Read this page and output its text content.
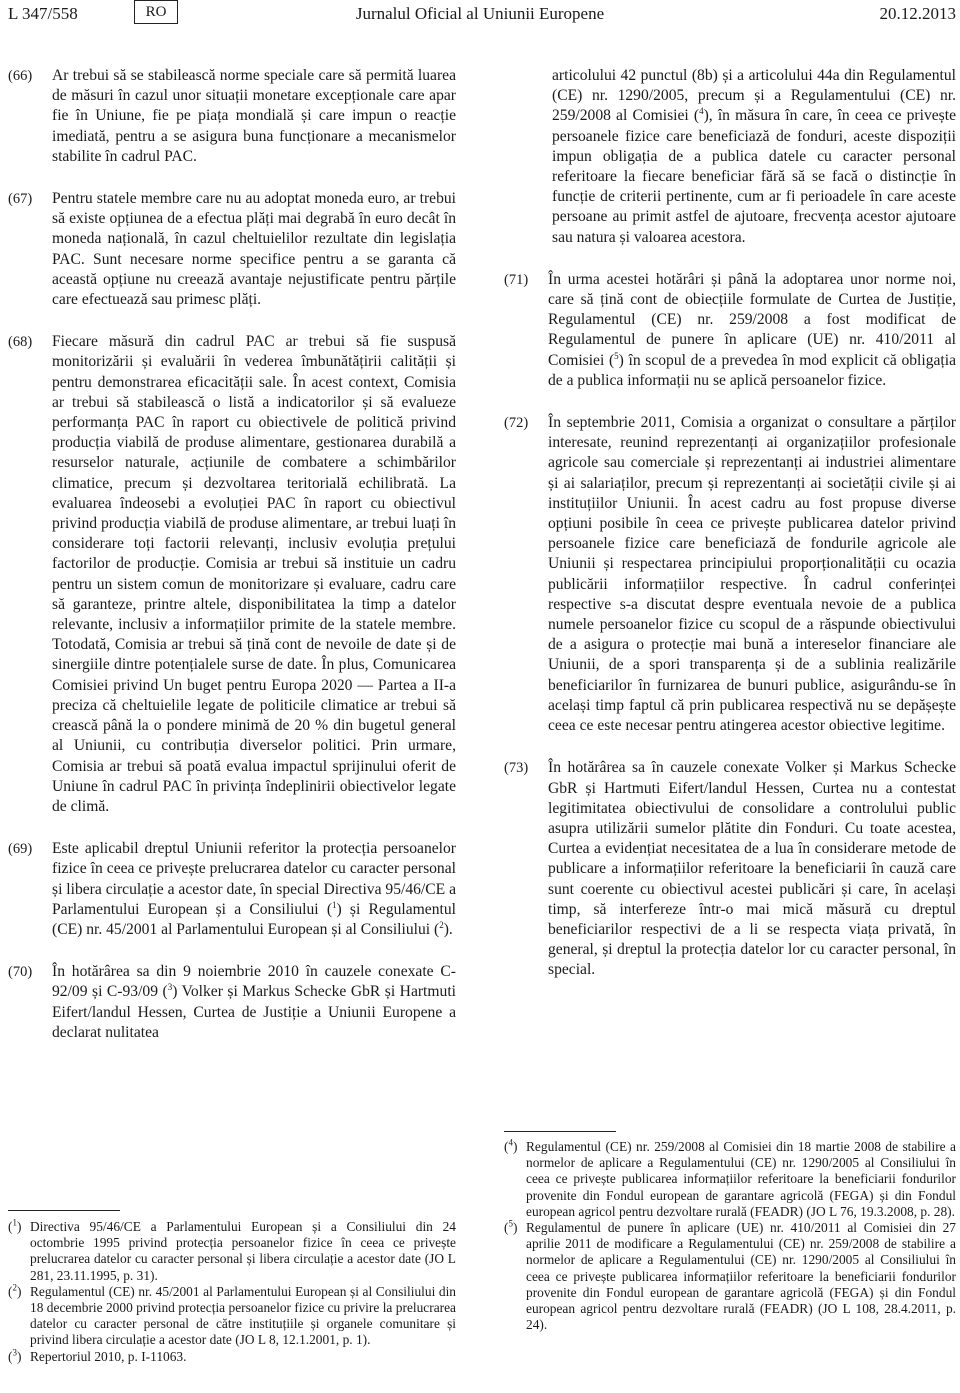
L 347/558	RO	Jurnalul Oficial al Uniunii Europene	20.12.2013
(66)	Ar trebui să se stabilească norme speciale care să permită luarea de măsuri în cazul unor situații monetare excepționale care apar fie în Uniune, fie pe piața mondială și care impun o reacție imediată, pentru a se asigura buna funcționare a mecanismelor stabilite în cadrul PAC.
(67)	Pentru statele membre care nu au adoptat moneda euro, ar trebui să existe opțiunea de a efectua plăți mai degrabă în euro decât în moneda națională, în cazul cheltuielilor rezultate din legislația PAC. Sunt necesare norme specifice pentru a se garanta că această opțiune nu creează avantaje nejustificate pentru părțile care efectuează sau primesc plăți.
(68)	Fiecare măsură din cadrul PAC ar trebui să fie suspusă monitorizării și evaluării în vederea îmbunătățirii calității și pentru demonstrarea eficacității sale. În acest context, Comisia ar trebui să stabilească o listă a indicatorilor și să evalueze performanța PAC în raport cu obiectivele de politică privind producția viabilă de produse alimentare, gestionarea durabilă a resurselor naturale, acțiunile de combatere a schimbărilor climatice, precum și dezvoltarea teritorială echilibrată. La evaluarea îndeosebi a evoluției PAC în raport cu obiectivul privind producția viabilă de produse alimentare, ar trebui luați în considerare toți factorii relevanți, inclusiv evoluția prețului factorilor de producție. Comisia ar trebui să instituie un cadru pentru un sistem comun de monitorizare și evaluare, cadru care să garanteze, printre altele, disponibilitatea la timp a datelor relevante, inclusiv a informațiilor primite de la statele membre. Totodată, Comisia ar trebui să țină cont de nevoile de date și de sinergiile dintre potențialele surse de date. În plus, Comunicarea Comisiei privind Un buget pentru Europa 2020 — Partea a II-a preciza că cheltuielile legate de politicile climatice ar trebui să crească până la o pondere minimă de 20 % din bugetul general al Uniunii, cu contribuția diverselor politici. Prin urmare, Comisia ar trebui să poată evalua impactul sprijinului oferit de Uniune în cadrul PAC în privința îndeplinirii obiectivelor legate de climă.
(69)	Este aplicabil dreptul Uniunii referitor la protecția persoanelor fizice în ceea ce privește prelucrarea datelor cu caracter personal și libera circulație a acestor date, în special Directiva 95/46/CE a Parlamentului European și a Consiliului ($^1$) și Regulamentul (CE) nr. 45/2001 al Parlamentului European și al Consiliului ($^2$).
(70)	În hotărârea sa din 9 noiembrie 2010 în cauzele conexate C-92/09 și C-93/09 ($^3$) Volker și Markus Schecke GbR și Hartmuti Eifert/landul Hessen, Curtea de Justiție a Uniunii Europene a declarat nulitatea
($^1$) Directiva 95/46/CE a Parlamentului European și a Consiliului din 24 octombrie 1995 privind protecția persoanelor fizice în ceea ce privește prelucrarea datelor cu caracter personal și libera circulație a acestor date (JO L 281, 23.11.1995, p. 31).
($^2$) Regulamentul (CE) nr. 45/2001 al Parlamentului European și al Consiliului din 18 decembrie 2000 privind protecția persoanelor fizice cu privire la prelucrarea datelor cu caracter personal de către instituțiile și organele comunitare și privind libera circulație a acestor date (JO L 8, 12.1.2001, p. 1).
($^3$) Repertoriul 2010, p. I-11063.
articolului 42 punctul (8b) și a articolului 44a din Regulamentul (CE) nr. 1290/2005, precum și a Regulamentului (CE) nr. 259/2008 al Comisiei ($^4$), în măsura în care, în ceea ce privește persoanele fizice care beneficiază de fonduri, aceste dispoziții impun obligația de a publica datele cu caracter personal referitoare la fiecare beneficiar fără să se facă o distincție în funcție de criterii pertinente, cum ar fi perioadele în care aceste persoane au primit astfel de ajutoare, frecvența acestor ajutoare sau natura și valoarea acestora.
(71)	În urma acestei hotărâri și până la adoptarea unor norme noi, care să țină cont de obiecțiile formulate de Curtea de Justiție, Regulamentul (CE) nr. 259/2008 a fost modificat de Regulamentul de punere în aplicare (UE) nr. 410/2011 al Comisiei ($^5$) în scopul de a prevedea în mod explicit că obligația de a publica informații nu se aplică persoanelor fizice.
(72)	În septembrie 2011, Comisia a organizat o consultare a părților interesate, reunind reprezentanți ai organizațiilor profesionale agricole sau comerciale și reprezentanți ai industriei alimentare și ai salariaților, precum și reprezentanți ai societății civile și ai instituțiilor Uniunii. În acest cadru au fost propuse diverse opțiuni posibile în ceea ce privește publicarea datelor privind persoanele fizice care beneficiază de fondurile agricole ale Uniunii și respectarea principiului proporționalității cu ocazia publicării informațiilor respective. În cadrul conferinței respective s-a discutat despre eventuala nevoie de a publica numele persoanelor fizice cu scopul de a răspunde obiectivului de a asigura o protecție mai bună a intereselor financiare ale Uniunii, de a spori transparența și de a sublinia realizările beneficiarilor în furnizarea de bunuri publice, asigurându-se în același timp faptul că prin publicarea respectivă nu se depășește ceea ce este necesar pentru atingerea acestor obiective legitime.
(73)	În hotărârea sa în cauzele conexate Volker și Markus Schecke GbR și Hartmuti Eifert/landul Hessen, Curtea nu a contestat legitimitatea obiectivului de consolidare a controlului public asupra utilizării sumelor plătite din Fonduri. Cu toate acestea, Curtea a evidențiat necesitatea de a lua în considerare metode de publicare a informațiilor referitoare la beneficiarii în cauză care sunt coerente cu obiectivul acestei publicări și care, în același timp, să interfereze într-o mai mică măsură cu dreptul beneficiarilor respectivi de a li se respecta viața privată, în general, și dreptul la protecția datelor lor cu caracter personal, în special.
($^4$) Regulamentul (CE) nr. 259/2008 al Comisiei din 18 martie 2008 de stabilire a normelor de aplicare a Regulamentului (CE) nr. 1290/2005 al Consiliului în ceea ce privește publicarea informațiilor referitoare la beneficiarii fondurilor provenite din Fondul european de garantare agricolă (FEGA) și din Fondul european agricol pentru dezvoltare rurală (FEADR) (JO L 76, 19.3.2008, p. 28).
($^5$) Regulamentul de punere în aplicare (UE) nr. 410/2011 al Comisiei din 27 aprilie 2011 de modificare a Regulamentului (CE) nr. 259/2008 de stabilire a normelor de aplicare a Regulamentului (CE) nr. 1290/2005 al Consiliului în ceea ce privește publicarea informațiilor referitoare la beneficiarii fondurilor provenite din Fondul european de garantare agricolă (FEGA) și din Fondul european agricol pentru dezvoltare rurală (FEADR) (JO L 108, 28.4.2011, p. 24).
